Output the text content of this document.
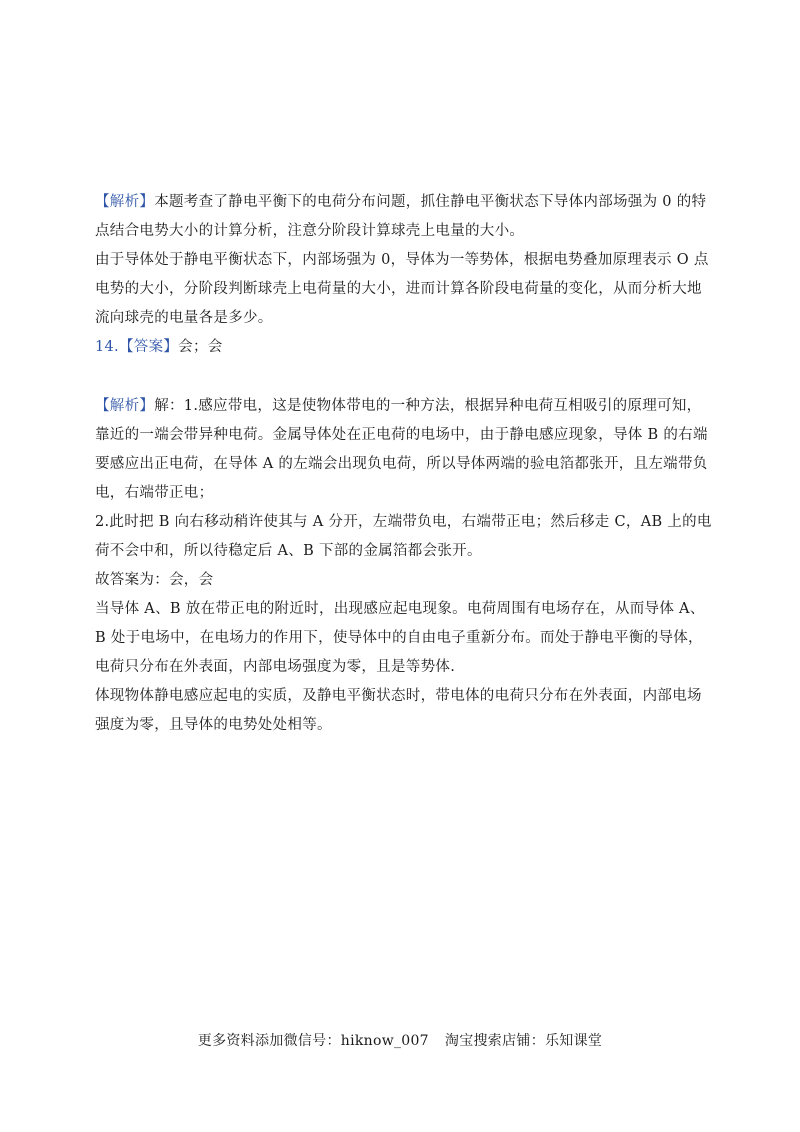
【解析】本题考查了静电平衡下的电荷分布问题，抓住静电平衡状态下导体内部场强为 0 的特点结合电势大小的计算分析，注意分阶段计算球壳上电量的大小。

由于导体处于静电平衡状态下，内部场强为 0，导体为一等势体，根据电势叠加原理表示 O 点电势的大小，分阶段判断球壳上电荷量的大小，进而计算各阶段电荷量的变化，从而分析大地流向球壳的电量各是多少。

14.【答案】会；会

【解析】解：1.感应带电，这是使物体带电的一种方法，根据异种电荷互相吸引的原理可知，靠近的一端会带异种电荷。金属导体处在正电荷的电场中，由于静电感应现象，导体 B 的右端要感应出正电荷，在导体 A 的左端会出现负电荷，所以导体两端的验电箔都张开，且左端带负电，右端带正电；

2.此时把 B 向右移动稍许使其与 A 分开，左端带负电，右端带正电；然后移走 C，AB 上的电荷不会中和，所以待稳定后 A、B 下部的金属箔都会张开。

故答案为：会，会

当导体 A、B 放在带正电的附近时，出现感应起电现象。电荷周围有电场存在，从而导体 A、B 处于电场中，在电场力的作用下，使导体中的自由电子重新分布。而处于静电平衡的导体，电荷只分布在外表面，内部电场强度为零，且是等势体.

体现物体静电感应起电的实质，及静电平衡状态时，带电体的电荷只分布在外表面，内部电场强度为零，且导体的电势处处相等。

更多资料添加微信号：hiknow_007 淘宝搜索店铺：乐知课堂
